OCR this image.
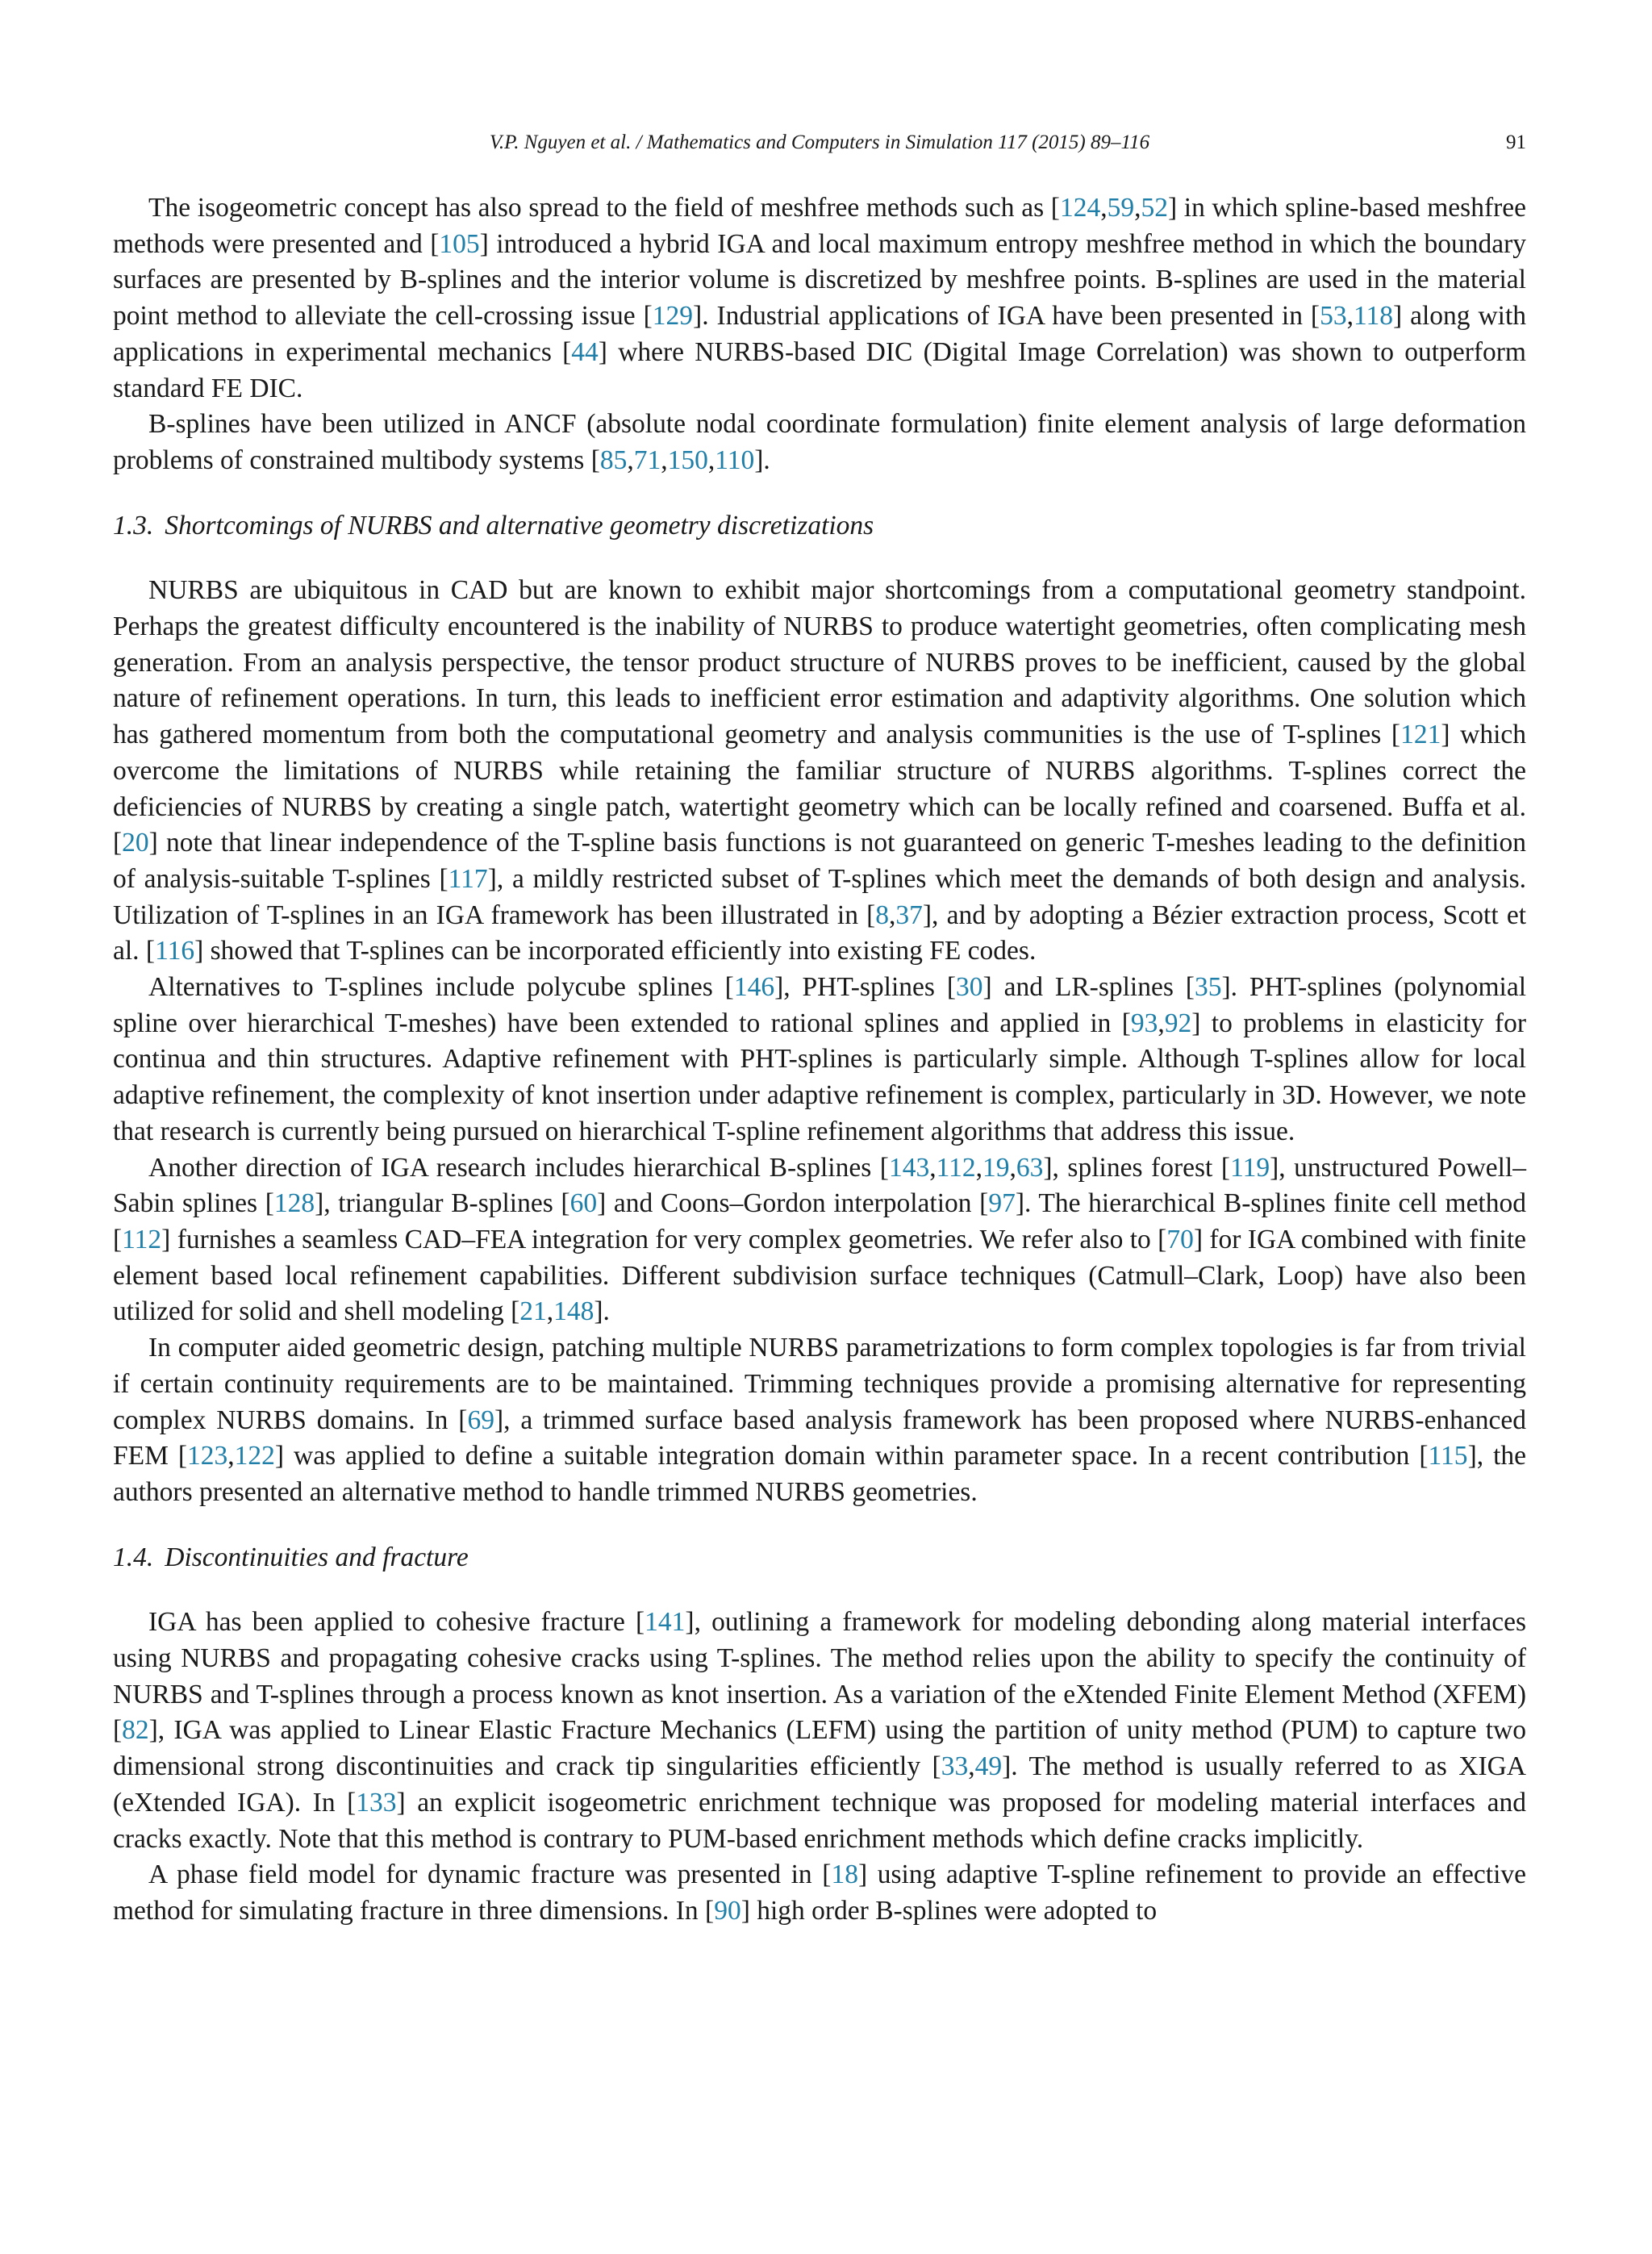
V.P. Nguyen et al. / Mathematics and Computers in Simulation 117 (2015) 89–116	91

The isogeometric concept has also spread to the field of meshfree methods such as [124,59,52] in which spline-based meshfree methods were presented and [105] introduced a hybrid IGA and local maximum entropy meshfree method in which the boundary surfaces are presented by B-splines and the interior volume is discretized by meshfree points. B-splines are used in the material point method to alleviate the cell-crossing issue [129]. Industrial applications of IGA have been presented in [53,118] along with applications in experimental mechanics [44] where NURBS-based DIC (Digital Image Correlation) was shown to outperform standard FE DIC.

B-splines have been utilized in ANCF (absolute nodal coordinate formulation) finite element analysis of large deformation problems of constrained multibody systems [85,71,150,110].

1.3. Shortcomings of NURBS and alternative geometry discretizations

NURBS are ubiquitous in CAD but are known to exhibit major shortcomings from a computational geometry standpoint. Perhaps the greatest difficulty encountered is the inability of NURBS to produce watertight geometries, often complicating mesh generation. From an analysis perspective, the tensor product structure of NURBS proves to be inefficient, caused by the global nature of refinement operations. In turn, this leads to inefficient error estimation and adaptivity algorithms. One solution which has gathered momentum from both the computational geometry and analysis communities is the use of T-splines [121] which overcome the limitations of NURBS while retaining the familiar structure of NURBS algorithms. T-splines correct the deficiencies of NURBS by creating a single patch, watertight geometry which can be locally refined and coarsened. Buffa et al. [20] note that linear independence of the T-spline basis functions is not guaranteed on generic T-meshes leading to the definition of analysis-suitable T-splines [117], a mildly restricted subset of T-splines which meet the demands of both design and analysis. Utilization of T-splines in an IGA framework has been illustrated in [8,37], and by adopting a Bézier extraction process, Scott et al. [116] showed that T-splines can be incorporated efficiently into existing FE codes.

Alternatives to T-splines include polycube splines [146], PHT-splines [30] and LR-splines [35]. PHT-splines (polynomial spline over hierarchical T-meshes) have been extended to rational splines and applied in [93,92] to problems in elasticity for continua and thin structures. Adaptive refinement with PHT-splines is particularly simple. Although T-splines allow for local adaptive refinement, the complexity of knot insertion under adaptive refinement is complex, particularly in 3D. However, we note that research is currently being pursued on hierarchical T-spline refinement algorithms that address this issue.

Another direction of IGA research includes hierarchical B-splines [143,112,19,63], splines forest [119], unstructured Powell–Sabin splines [128], triangular B-splines [60] and Coons–Gordon interpolation [97]. The hierarchical B-splines finite cell method [112] furnishes a seamless CAD–FEA integration for very complex geometries. We refer also to [70] for IGA combined with finite element based local refinement capabilities. Different subdivision surface techniques (Catmull–Clark, Loop) have also been utilized for solid and shell modeling [21,148].

In computer aided geometric design, patching multiple NURBS parametrizations to form complex topologies is far from trivial if certain continuity requirements are to be maintained. Trimming techniques provide a promising alternative for representing complex NURBS domains. In [69], a trimmed surface based analysis framework has been proposed where NURBS-enhanced FEM [123,122] was applied to define a suitable integration domain within parameter space. In a recent contribution [115], the authors presented an alternative method to handle trimmed NURBS geometries.

1.4. Discontinuities and fracture

IGA has been applied to cohesive fracture [141], outlining a framework for modeling debonding along material interfaces using NURBS and propagating cohesive cracks using T-splines. The method relies upon the ability to specify the continuity of NURBS and T-splines through a process known as knot insertion. As a variation of the eXtended Finite Element Method (XFEM) [82], IGA was applied to Linear Elastic Fracture Mechanics (LEFM) using the partition of unity method (PUM) to capture two dimensional strong discontinuities and crack tip singularities efficiently [33,49]. The method is usually referred to as XIGA (eXtended IGA). In [133] an explicit isogeometric enrichment technique was proposed for modeling material interfaces and cracks exactly. Note that this method is contrary to PUM-based enrichment methods which define cracks implicitly.

A phase field model for dynamic fracture was presented in [18] using adaptive T-spline refinement to provide an effective method for simulating fracture in three dimensions. In [90] high order B-splines were adopted to
